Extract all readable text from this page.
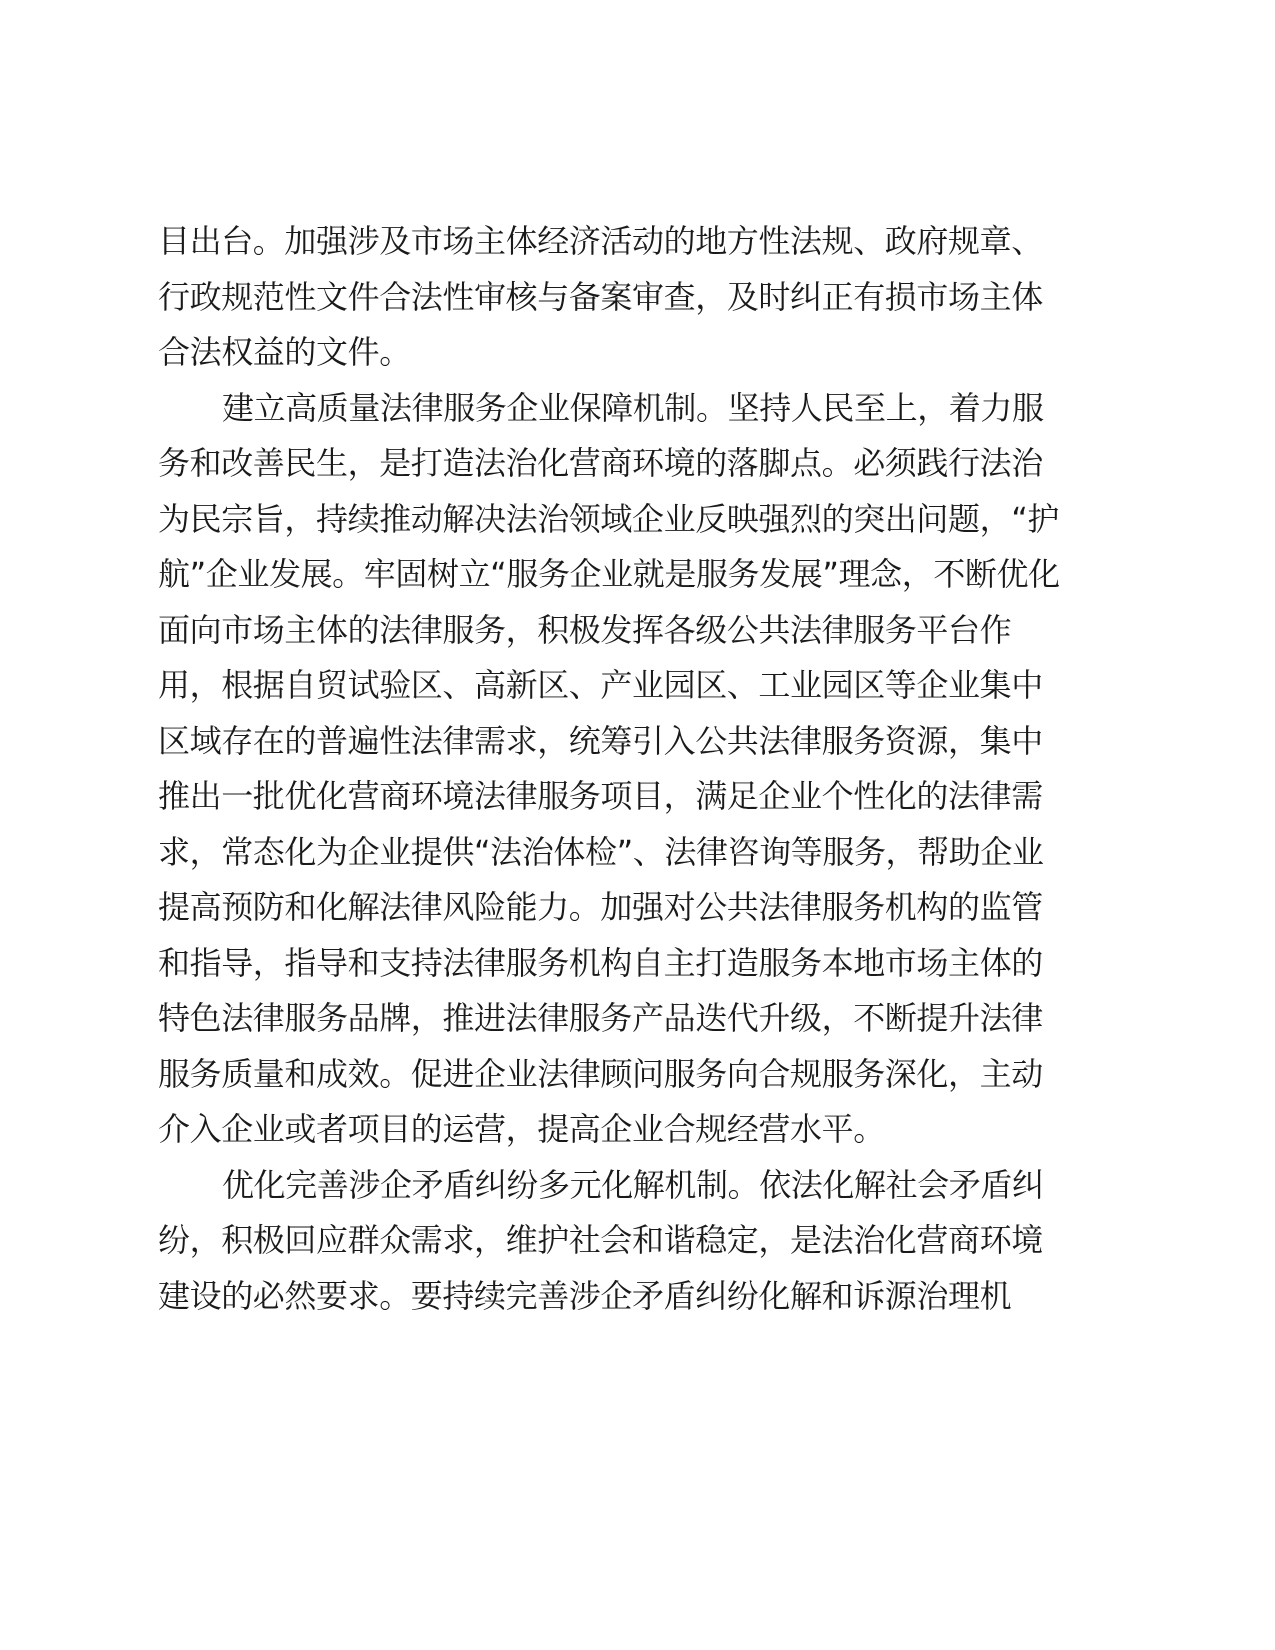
目出台。加强涉及市场主体经济活动的地方性法规、政府规章、
行政规范性文件合法性审核与备案审查，及时纠正有损市场主体
合法权益的文件。
建立高质量法律服务企业保障机制。坚持人民至上，着力服
务和改善民生，是打造法治化营商环境的落脚点。必须践行法治
为民宗旨，持续推动解决法治领域企业反映强烈的突出问题，“护
航”企业发展。牢固树立“服务企业就是服务发展”理念，不断优化
面向市场主体的法律服务，积极发挥各级公共法律服务平台作
用，根据自贸试验区、高新区、产业园区、工业园区等企业集中
区域存在的普遍性法律需求，统筹引入公共法律服务资源，集中
推出一批优化营商环境法律服务项目，满足企业个性化的法律需
求，常态化为企业提供“法治体检”、法律咨询等服务，帮助企业
提高预防和化解法律风险能力。加强对公共法律服务机构的监管
和指导，指导和支持法律服务机构自主打造服务本地市场主体的
特色法律服务品牌，推进法律服务产品迭代升级，不断提升法律
服务质量和成效。促进企业法律顾问服务向合规服务深化，主动
介入企业或者项目的运营，提高企业合规经营水平。
优化完善涉企矛盾纠纷多元化解机制。依法化解社会矛盾纠
纷，积极回应群众需求，维护社会和谐稳定，是法治化营商环境
建设的必然要求。要持续完善涉企矛盾纠纷化解和诉源治理机
